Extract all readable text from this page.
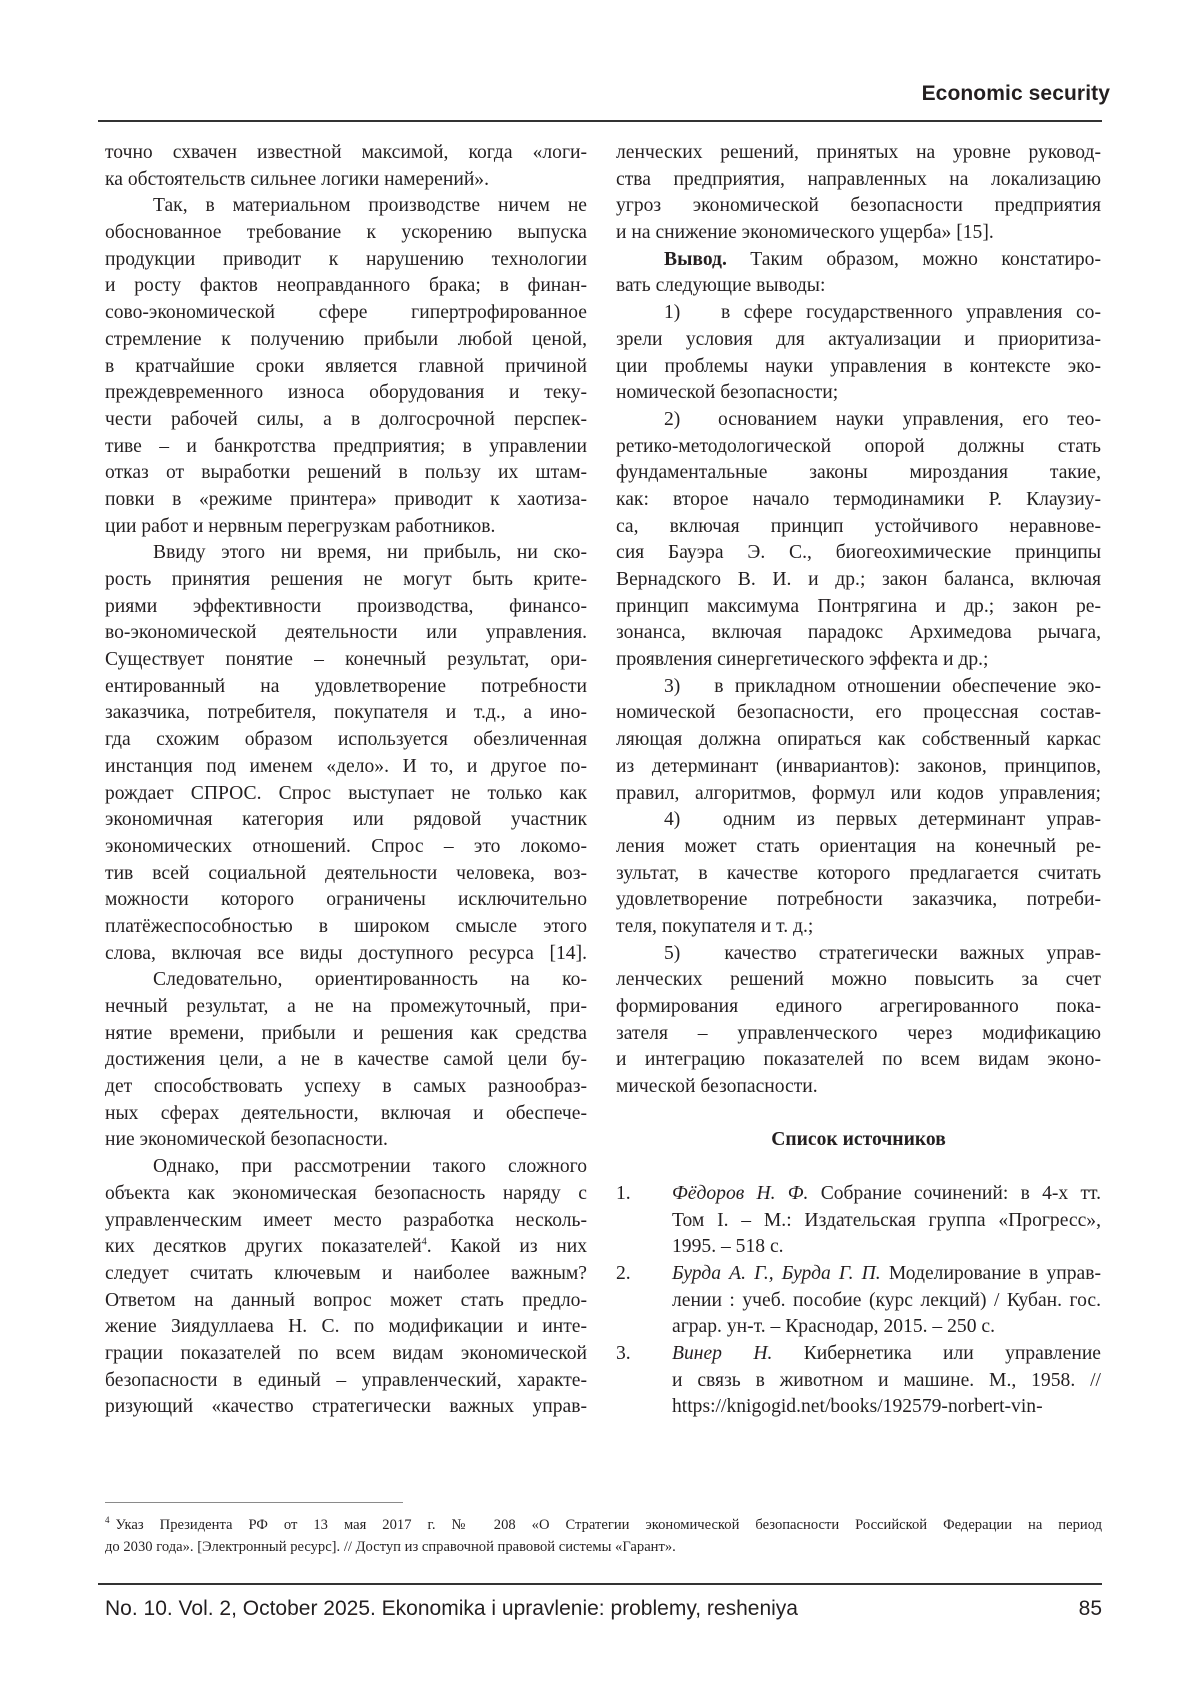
Economic security
точно схвачен известной максимой, когда «логи-
ка обстоятельств сильнее логики намерений».
Так, в материальном производстве ничем не
обоснованное требование к ускорению выпуска
продукции приводит к нарушению технологии
и росту фактов неоправданного брака; в финан-
сово-экономической сфере гипертрофированное
стремление к получению прибыли любой ценой,
в кратчайшие сроки является главной причиной
преждевременного износа оборудования и теку-
чести рабочей силы, а в долгосрочной перспек-
тиве – и банкротства предприятия; в управлении
отказ от выработки решений в пользу их штам-
повки в «режиме принтера» приводит к хаотиза-
ции работ и нервным перегрузкам работников.
Ввиду этого ни время, ни прибыль, ни ско-
рость принятия решения не могут быть крите-
риями эффективности производства, финансо-
во-экономической деятельности или управления.
Существует понятие – конечный результат, ори-
ентированный на удовлетворение потребности
заказчика, потребителя, покупателя и т.д., а ино-
гда схожим образом используется обезличенная
инстанция под именем «дело». И то, и другое по-
рождает СПРОС. Спрос выступает не только как
экономичная категория или рядовой участник
экономических отношений. Спрос – это локомо-
тив всей социальной деятельности человека, воз-
можности которого ограничены исключительно
платёжеспособностью в широком смысле этого
слова, включая все виды доступного ресурса [14].
Следовательно, ориентированность на ко-
нечный результат, а не на промежуточный, при-
нятие времени, прибыли и решения как средства
достижения цели, а не в качестве самой цели бу-
дет способствовать успеху в самых разнообраз-
ных сферах деятельности, включая и обеспече-
ние экономической безопасности.
Однако, при рассмотрении такого сложного
объекта как экономическая безопасность наряду с
управленческим имеет место разработка несколь-
ких десятков других показателей$^4$. Какой из них
следует считать ключевым и наиболее важным?
Ответом на данный вопрос может стать предло-
жение Зиядуллаева Н. С. по модификации и инте-
грации показателей по всем видам экономической
безопасности в единый – управленческий, характе-
ризующий «качество стратегически важных управ-
ленческих решений, принятых на уровне руковод-
ства предприятия, направленных на локализацию
угроз экономической безопасности предприятия
и на снижение экономического ущерба» [15].
Вывод. Таким образом, можно констатиро-
вать следующие выводы:
1) в сфере государственного управления со-
зрели условия для актуализации и приоритиза-
ции проблемы науки управления в контексте эко-
номической безопасности;
2) основанием науки управления, его тео-
ретико-методологической опорой должны стать
фундаментальные законы мироздания такие,
как: второе начало термодинамики Р. Клаузиу-
са, включая принцип устойчивого неравнове-
сия Бауэра Э. С., биогеохимические принципы
Вернадского В. И. и др.; закон баланса, включая
принцип максимума Понтрягина и др.; закон ре-
зонанса, включая парадокс Архимедова рычага,
проявления синергетического эффекта и др.;
3) в прикладном отношении обеспечение эко-
номической безопасности, его процессная состав-
ляющая должна опираться как собственный каркас
из детерминант (инвариантов): законов, принципов,
правил, алгоритмов, формул или кодов управления;
4) одним из первых детерминант управ-
ления может стать ориентация на конечный ре-
зультат, в качестве которого предлагается считать
удовлетворение потребности заказчика, потреби-
теля, покупателя и т. д.;
5) качество стратегически важных управ-
ленческих решений можно повысить за счет
формирования единого агрегированного пока-
зателя – управленческого через модификацию
и интеграцию показателей по всем видам эконо-
мической безопасности.
Список источников
1. Фёдоров Н. Ф. Собрание сочинений: в 4-х тт.
Том I. – М.: Издательская группа «Прогресс»,
1995. – 518 с.
2. Бурда А. Г., Бурда Г. П. Моделирование в управ-
лении : учеб. пособие (курс лекций) / Кубан. гос.
аграр. ун-т. – Краснодар, 2015. – 250 с.
3. Винер Н. Кибернетика или управление
и связь в животном и машине. М., 1958. //
https://knigogid.net/books/192579-norbert-vin-
$^4$ Указ Президента РФ от 13 мая 2017 г. № 208 «О Стратегии экономической безопасности Российской Федерации на период
до 2030 года». [Электронный ресурс]. // Доступ из справочной правовой системы «Гарант».
No. 10. Vol. 2, October 2025. Ekonomika i upravlenie: problemy, resheniya	85
